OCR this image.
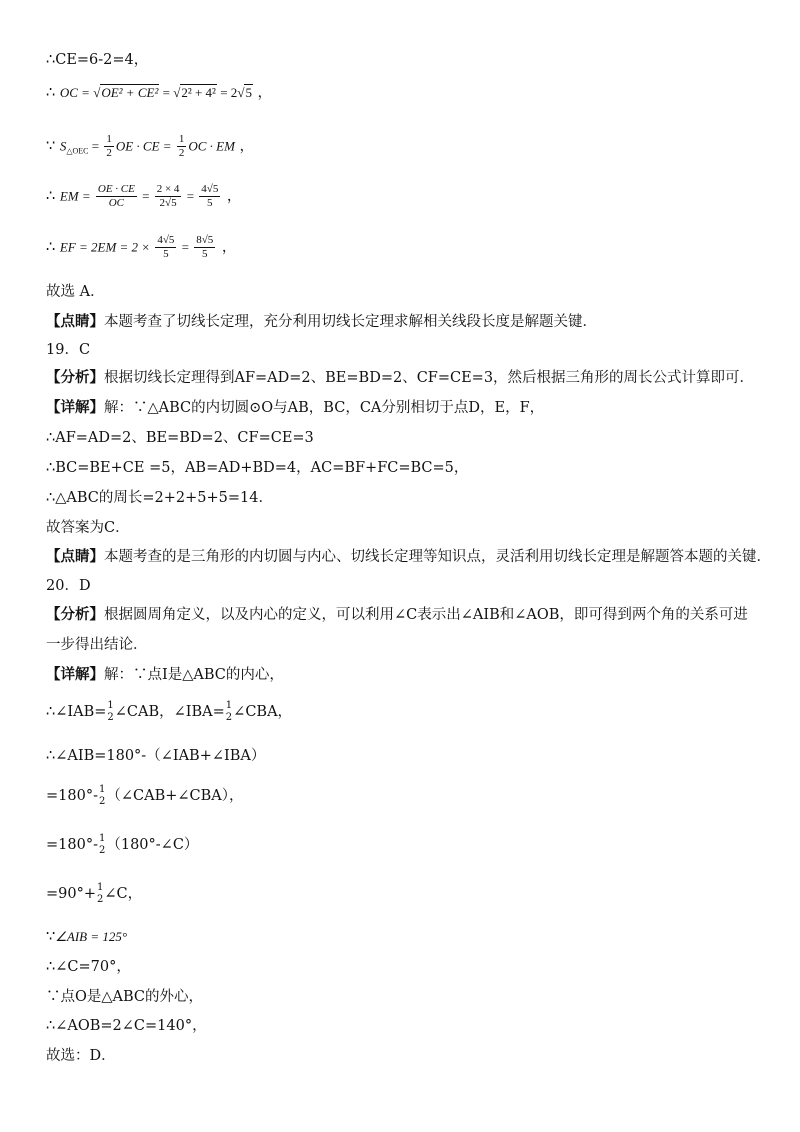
∴CE=6-2=4，
∴ OC = √OE² + CE² = √2² + 4² = 2√5 ，
∵ $S_{\triangle OEC} = \frac{1}{2}$ OE · CE = $\frac{1}{2}$ OC · EM ，
∴ EM = $\frac{OE \cdot CE}{OC} = \frac{2 \times 4}{2√5} = \frac{4√5}{5}$ ，
∴ EF = $2EM = 2 \times \frac{4√5}{5} = \frac{8√5}{5}$ ，
故选 A．
【点睛】本题考查了切线长定理，充分利用切线长定理求解相关线段长度是解题关键．
19．C
【分析】根据切线长定理得到AF=AD=2、BE=BD=2、CF=CE=3，然后根据三角形的周长公式计算即可．
【详解】解：∵△ABC的内切圆⊙O与AB，BC，CA分别相切于点D，E，F，
∴AF=AD=2、BE=BD=2、CF=CE=3
∴BC=BE+CE =5，AB=AD+BD=4，AC=BF+FC=BC=5，
∴△ABC的周长=2+2+5+5=14．
故答案为C．
【点睛】本题考查的是三角形的内切圆与内心、切线长定理等知识点，灵活利用切线长定理是解题答本题的关键．
20．D
【分析】根据圆周角定义，以及内心的定义，可以利用∠C表示出∠AIB和∠AOB，即可得到两个角的关系可进
一步得出结论．
【详解】解：∵点I是△ABC的内心，
∴∠IAB= 1
2 ∠CAB，∠IBA= 1
2 ∠CBA，
∴∠AIB=180°-（∠IAB+∠IBA）
=180°- 1
2 （∠CAB+∠CBA），
=180°- 1
2 （180°-∠C）
=90°+ 1
2 ∠C，
∵∠AIB = 125°
∴∠C=70°，
∵点O是△ABC的外心，
∴∠AOB=2∠C=140°，
故选：D．
